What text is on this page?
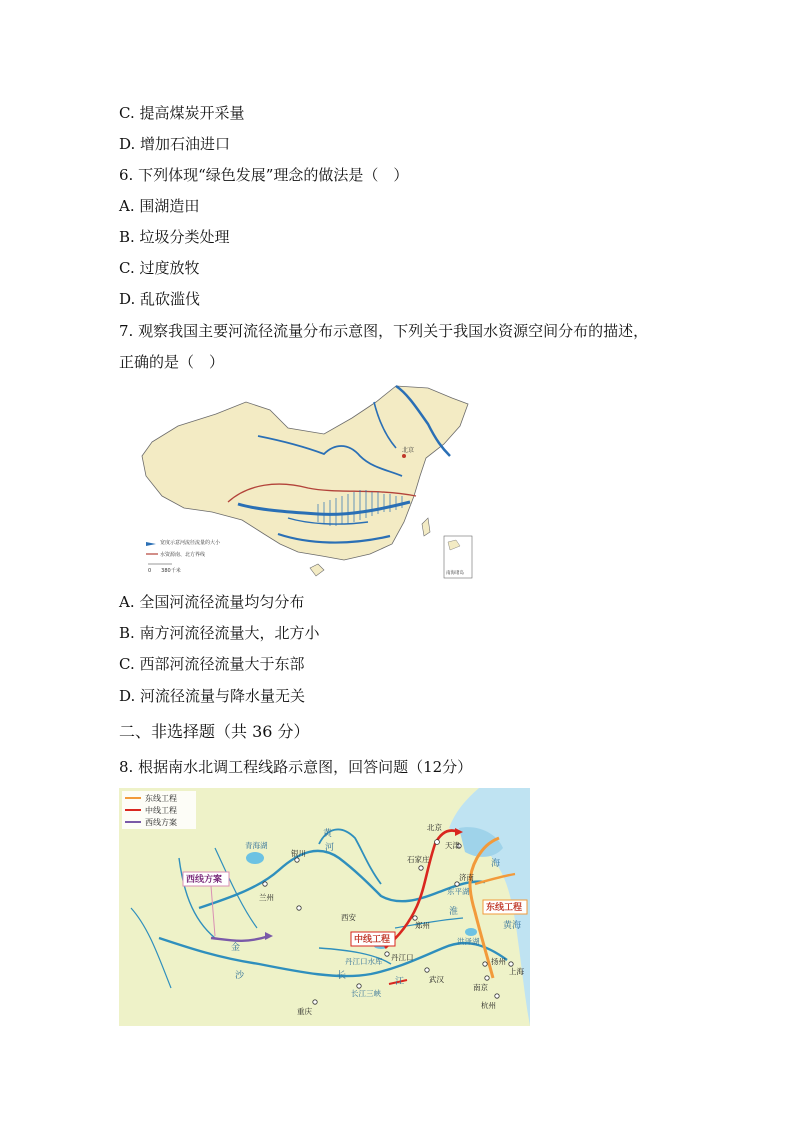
C. 提高煤炭开采量
D. 增加石油进口
6. 下列体现“绿色发展”理念的做法是（　）
A. 围湖造田
B. 垃圾分类处理
C. 过度放牧
D. 乱砍滥伐
7. 观察我国主要河流径流量分布示意图，下列关于我国水资源空间分布的描述，
正确的是（　）
北京
宽度示意河流径流量的大小
水资源南、北方界线
0　　380千米	南海诸岛
A. 全国河流径流量均匀分布
B. 南方河流径流量大，北方小
C. 西部河流径流量大于东部
D. 河流径流量与降水量无关
二、非选择题（共 36 分）
8. 根据南水北调工程线路示意图，回答问题（12分）
东线工程
中线工程
西线方案
西线方案
中线工程
东线工程
青海湖
银川
兰州
西安
北京
天津
石家庄
济南
东平湖
郑州
丹江口
丹江口水库
武汉
扬州
南京
上海
杭州
重庆
长江三峡
洪泽湖
黄
河
长
江
金
沙
淮
海
黄海
